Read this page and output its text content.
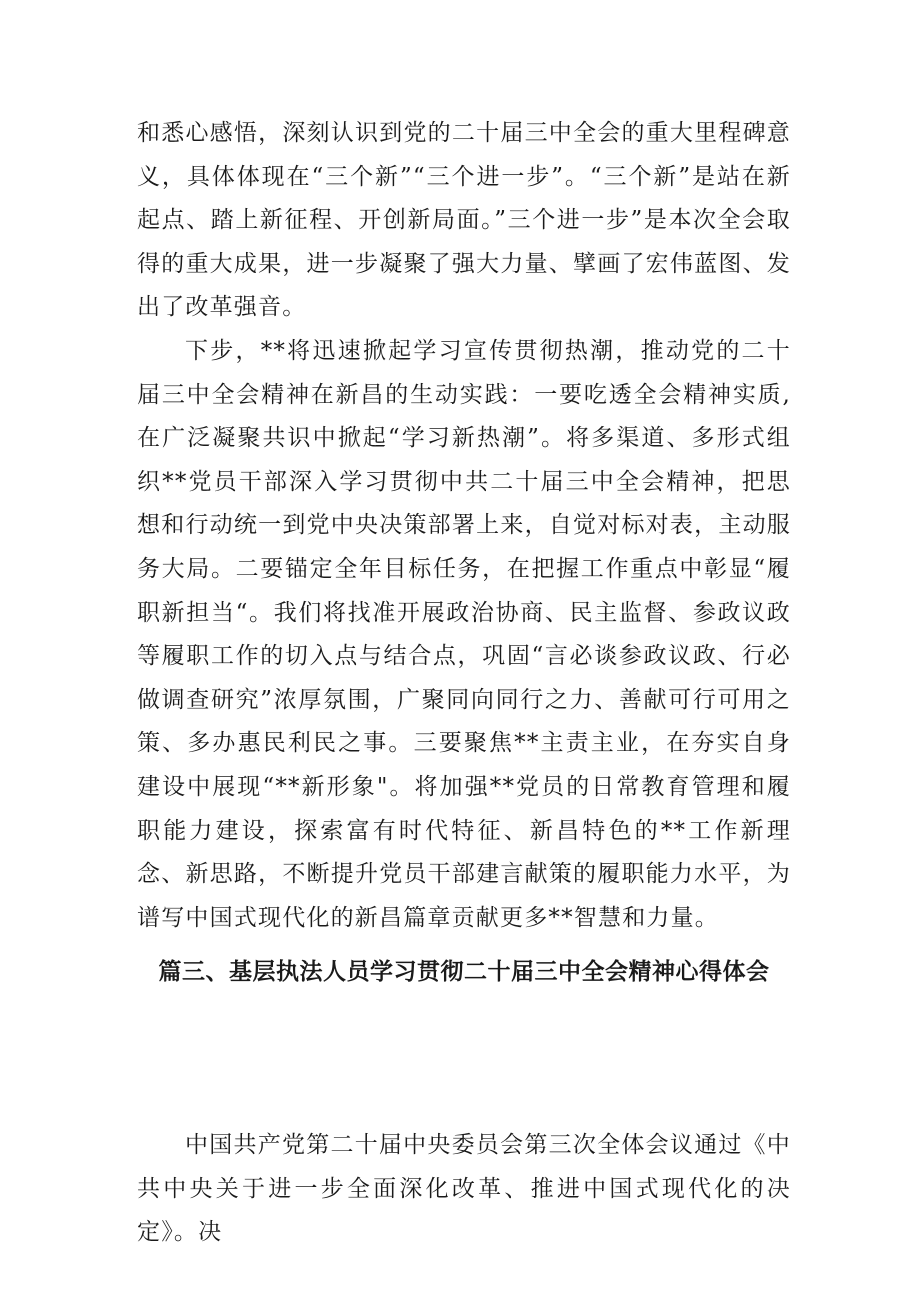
和悉心感悟，深刻认识到党的二十届三中全会的重大里程碑意义，具体体现在“三个新”“三个进一步”。“三个新”是站在新起点、踏上新征程、开创新局面。”三个进一步”是本次全会取得的重大成果，进一步凝聚了强大力量、擘画了宏伟蓝图、发出了改革强音。

下步，**将迅速掀起学习宣传贯彻热潮，推动党的二十届三中全会精神在新昌的生动实践：一要吃透全会精神实质,在广泛凝聚共识中掀起“学习新热潮”。将多渠道、多形式组织**党员干部深入学习贯彻中共二十届三中全会精神，把思想和行动统一到党中央决策部署上来，自觉对标对表，主动服务大局。二要锚定全年目标任务，在把握工作重点中彰显“履职新担当“。我们将找准开展政治协商、民主监督、参政议政等履职工作的切入点与结合点，巩固“言必谈参政议政、行必做调查研究”浓厚氛围，广聚同向同行之力、善献可行可用之策、多办惠民利民之事。三要聚焦**主责主业，在夯实自身建设中展现“**新形象"。将加强**党员的日常教育管理和履职能力建设，探索富有时代特征、新昌特色的**工作新理念、新思路，不断提升党员干部建言献策的履职能力水平，为谱写中国式现代化的新昌篇章贡献更多**智慧和力量。

篇三、基层执法人员学习贯彻二十届三中全会精神心得体会

中国共产党第二十届中央委员会第三次全体会议通过《中共中央关于进一步全面深化改革、推进中国式现代化的决定》。决
